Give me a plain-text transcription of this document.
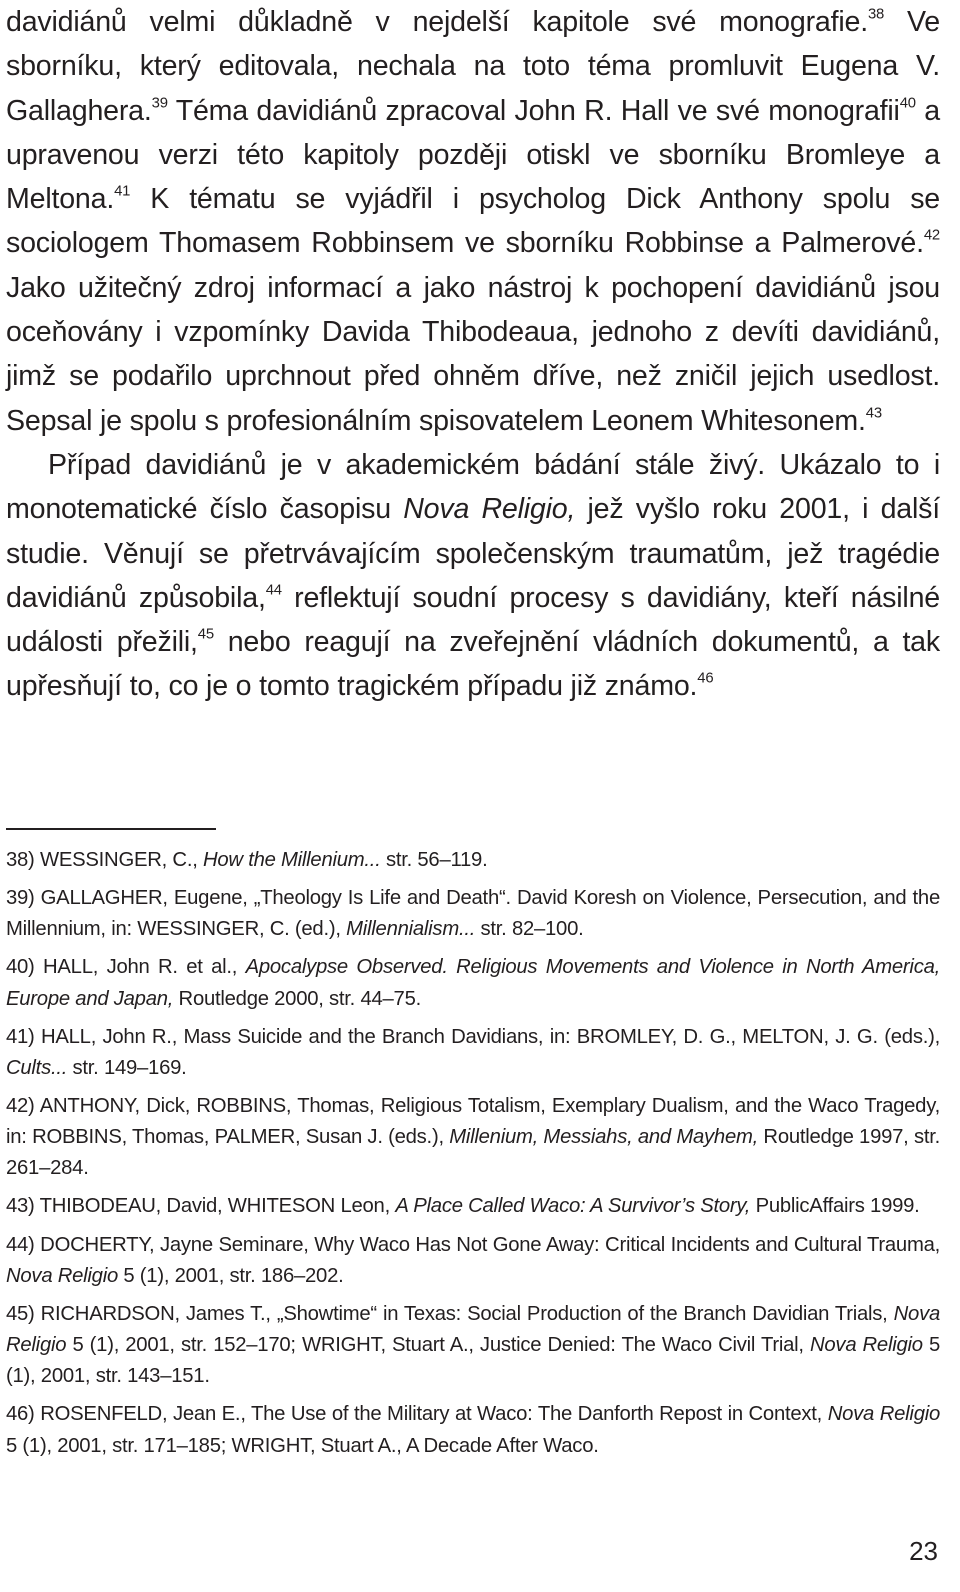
davidiánů velmi důkladně v nejdelší kapitole své monografie.$^{38}$ Ve sborníku, který editovala, nechala na toto téma promluvit Eugena V. Gallaghera.$^{39}$ Téma davidiánů zpracoval John R. Hall ve své monografii$^{40}$ a upravenou verzi této kapitoly později otiskl ve sborníku Bromleye a Meltona.$^{41}$ K tématu se vyjádřil i psycholog Dick Anthony spolu se sociologem Thomasem Robbinsem ve sborníku Robbinse a Palmerové.$^{42}$ Jako užitečný zdroj informací a jako nástroj k pochopení davidiánů jsou oceňovány i vzpomínky Davida Thibodeaua, jednoho z devíti davidiánů, jimž se podařilo uprchnout před ohněm dříve, než zničil jejich usedlost. Sepsal je spolu s profesionálním spisovatelem Leonem Whitesonem.$^{43}$

Případ davidiánů je v akademickém bádání stále živý. Ukázalo to i monotematické číslo časopisu Nova Religio, jež vyšlo roku 2001, i další studie. Věnují se přetrvávajícím společenským traumatům, jež tragédie davidiánů způsobila,$^{44}$ reflektují soudní procesy s davidiány, kteří násilné události přežili,$^{45}$ nebo reagují na zveřejnění vládních dokumentů, a tak upřesňují to, co je o tomto tragickém případu již známo.$^{46}$

38) WESSINGER, C., How the Millenium... str. 56–119.

39) GALLAGHER, Eugene, „Theology Is Life and Death“. David Koresh on Violence, Persecution, and the Millennium, in: WESSINGER, C. (ed.), Millennialism... str. 82–100.

40) HALL, John R. et al., Apocalypse Observed. Religious Movements and Violence in North America, Europe and Japan, Routledge 2000, str. 44–75.

41) HALL, John R., Mass Suicide and the Branch Davidians, in: BROMLEY, D. G., MELTON, J. G. (eds.), Cults... str. 149–169.

42) ANTHONY, Dick, ROBBINS, Thomas, Religious Totalism, Exemplary Dualism, and the Waco Tragedy, in: ROBBINS, Thomas, PALMER, Susan J. (eds.), Millenium, Messiahs, and Mayhem, Routledge 1997, str. 261–284.

43) THIBODEAU, David, WHITESON Leon, A Place Called Waco: A Survivor’s Story, PublicAffairs 1999.

44) DOCHERTY, Jayne Seminare, Why Waco Has Not Gone Away: Critical Incidents and Cultural Trauma, Nova Religio 5 (1), 2001, str. 186–202.

45) RICHARDSON, James T., „Showtime“ in Texas: Social Production of the Branch Davidian Trials, Nova Religio 5 (1), 2001, str. 152–170; WRIGHT, Stuart A., Justice Denied: The Waco Civil Trial, Nova Religio 5 (1), 2001, str. 143–151.

46) ROSENFELD, Jean E., The Use of the Military at Waco: The Danforth Repost in Context, Nova Religio 5 (1), 2001, str. 171–185; WRIGHT, Stuart A., A Decade After Waco.

23
